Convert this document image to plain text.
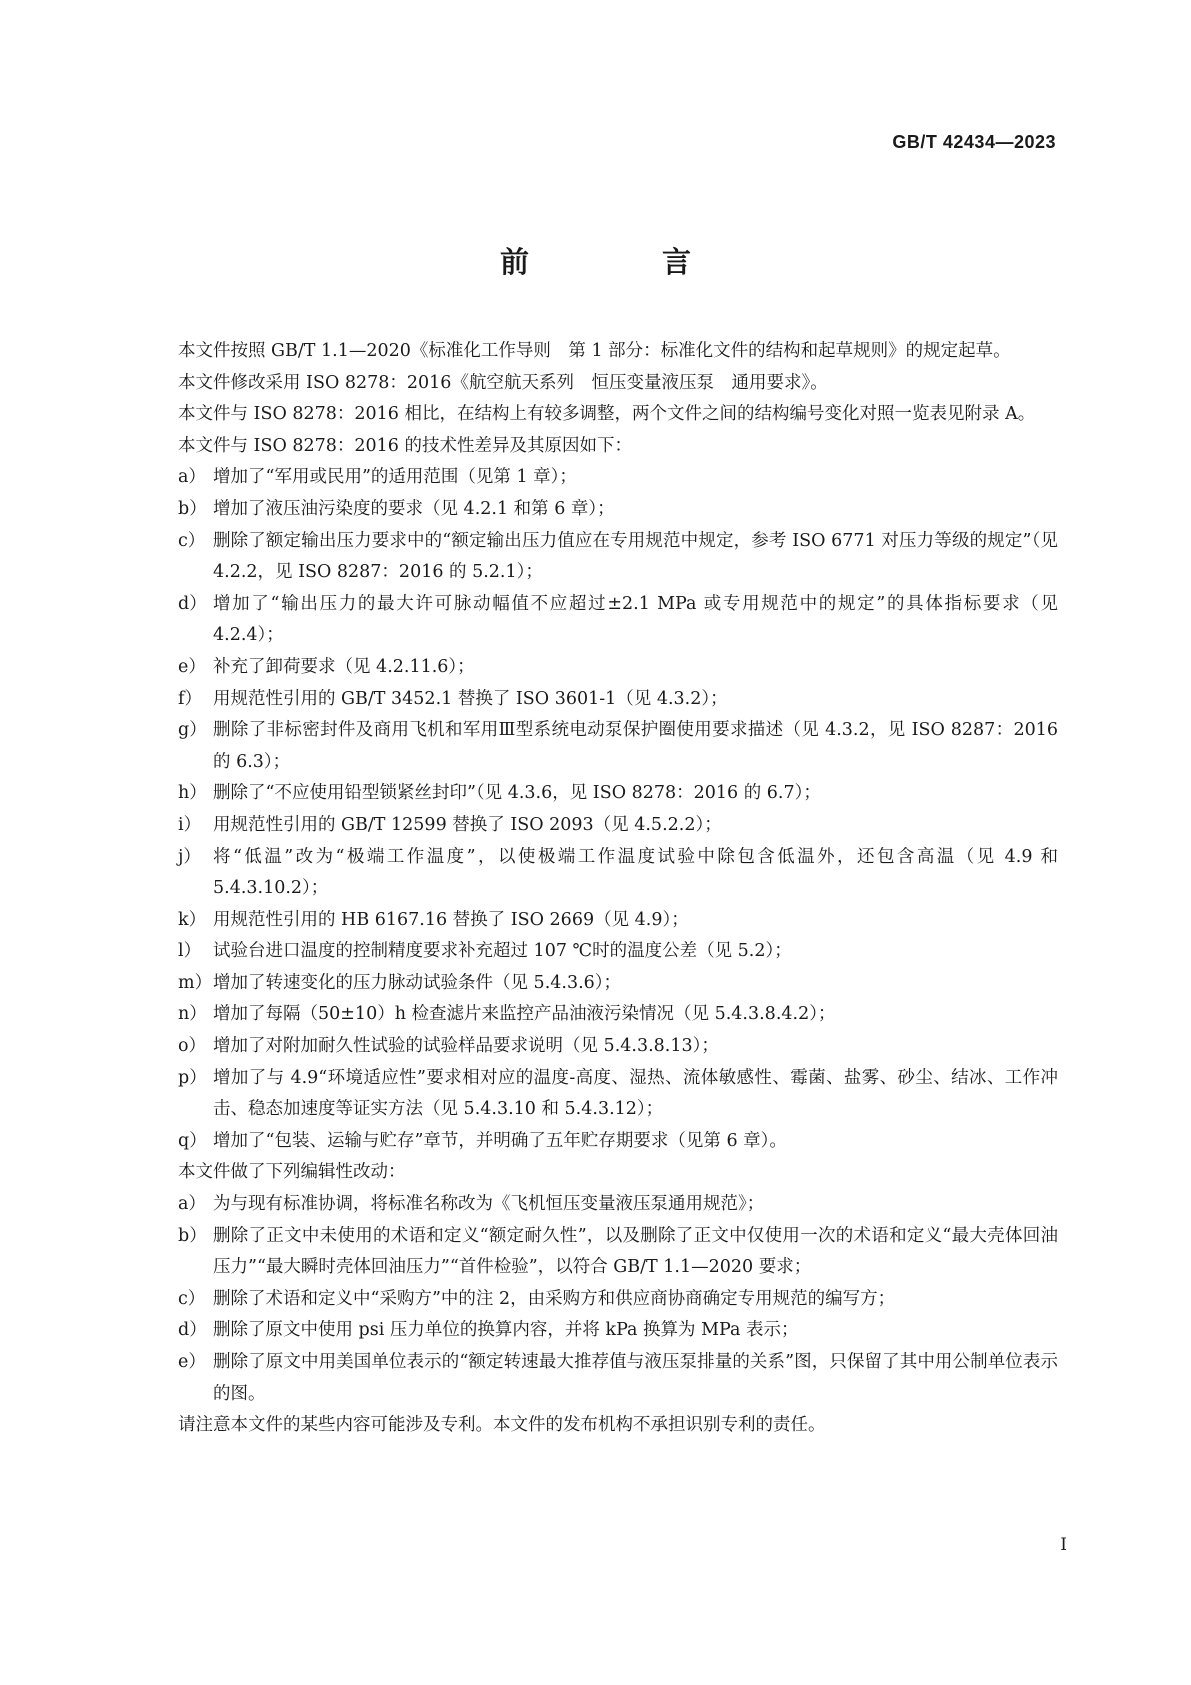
GB/T 42434—2023
前　言

本文件按照 GB/T 1.1—2020《标准化工作导则　第 1 部分：标准化文件的结构和起草规则》的规定起草。

本文件修改采用 ISO 8278：2016《航空航天系列　恒压变量液压泵　通用要求》。

本文件与 ISO 8278：2016 相比，在结构上有较多调整，两个文件之间的结构编号变化对照一览表见附录 A。

本文件与 ISO 8278：2016 的技术性差异及其原因如下：

a） 增加了“军用或民用”的适用范围（见第 1 章）；
b） 增加了液压油污染度的要求（见 4.2.1 和第 6 章）；
c） 删除了额定输出压力要求中的“额定输出压力值应在专用规范中规定，参考 ISO 6771 对压力等级的规定”（见 4.2.2，见 ISO 8287：2016 的 5.2.1）；
d） 增加了“输出压力的最大许可脉动幅值不应超过±2.1 MPa 或专用规范中的规定”的具体指标要求（见 4.2.4）；
e） 补充了卸荷要求（见 4.2.11.6）；
f） 用规范性引用的 GB/T 3452.1 替换了 ISO 3601-1（见 4.3.2）；
g） 删除了非标密封件及商用飞机和军用Ⅲ型系统电动泵保护圈使用要求描述（见 4.3.2，见 ISO 8287：2016 的 6.3）；
h） 删除了“不应使用铅型锁紧丝封印”（见 4.3.6，见 ISO 8278：2016 的 6.7）；
i） 用规范性引用的 GB/T 12599 替换了 ISO 2093（见 4.5.2.2）；
j） 将“低温”改为“极端工作温度”，以使极端工作温度试验中除包含低温外，还包含高温（见 4.9 和 5.4.3.10.2）；
k） 用规范性引用的 HB 6167.16 替换了 ISO 2669（见 4.9）；
l） 试验台进口温度的控制精度要求补充超过 107 ℃时的温度公差（见 5.2）；
m） 增加了转速变化的压力脉动试验条件（见 5.4.3.6）；
n） 增加了每隔（50±10）h 检查滤片来监控产品油液污染情况（见 5.4.3.8.4.2）；
o） 增加了对附加耐久性试验的试验样品要求说明（见 5.4.3.8.13）；
p） 增加了与 4.9“环境适应性”要求相对应的温度-高度、湿热、流体敏感性、霉菌、盐雾、砂尘、结冰、工作冲击、稳态加速度等证实方法（见 5.4.3.10 和 5.4.3.12）；
q） 增加了“包装、运输与贮存”章节，并明确了五年贮存期要求（见第 6 章）。

本文件做了下列编辑性改动：

a） 为与现有标准协调，将标准名称改为《飞机恒压变量液压泵通用规范》；
b） 删除了正文中未使用的术语和定义“额定耐久性”，以及删除了正文中仅使用一次的术语和定义“最大壳体回油压力”“最大瞬时壳体回油压力”“首件检验”，以符合 GB/T 1.1—2020 要求；
c） 删除了术语和定义中“采购方”中的注 2，由采购方和供应商协商确定专用规范的编写方；
d） 删除了原文中使用 psi 压力单位的换算内容，并将 kPa 换算为 MPa 表示；
e） 删除了原文中用美国单位表示的“额定转速最大推荐值与液压泵排量的关系”图，只保留了其中用公制单位表示的图。

请注意本文件的某些内容可能涉及专利。本文件的发布机构不承担识别专利的责任。

I
